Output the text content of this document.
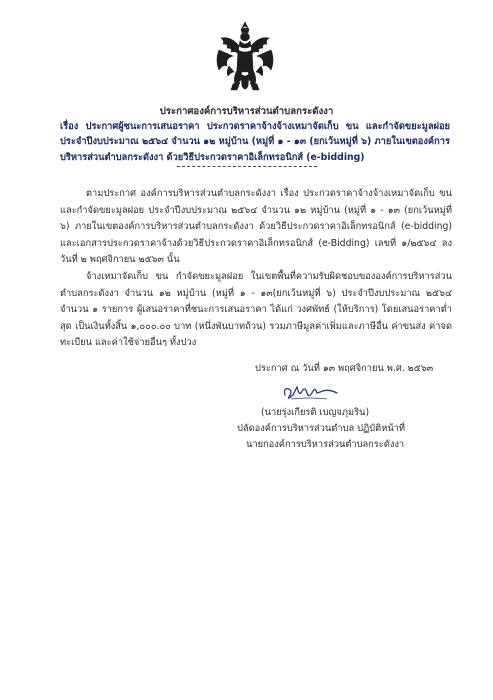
ประกาศองค์การบริหารส่วนตำบลกระดังงา
เรื่อง ประกาศผู้ชนะการเสนอราคา ประกวดราคาจ้างจ้างเหมาจัดเก็บ ขน และกำจัดขยะมูลฝอย ประจำปีงบประมาณ ๒๕๖๔ จำนวน ๑๒ หมู่บ้าน (หมู่ที่ ๑ - ๑๓ (ยกเว้นหมู่ที่ ๖) ภายในเขตองค์การบริหารส่วนตำบลกระดังงา ด้วยวิธีประกวดราคาอิเล็กทรอนิกส์ (e-bidding)

ตามประกาศ องค์การบริหารส่วนตำบลกระดังงา เรื่อง ประกวดราคาจ้างจ้างเหมาจัดเก็บ ขน และกำจัดขยะมูลฝอย ประจำปีงบประมาณ ๒๕๖๔ จำนวน ๑๒ หมู่บ้าน (หมู่ที่ ๑ - ๑๓ (ยกเว้นหมู่ที่ ๖) ภายในเขตองค์การบริหารส่วนตำบลกระดังงา ด้วยวิธีประกวดราคาอิเล็กทรอนิกส์ (e-bidding) และเอกสารประกวดราคาจ้างด้วยวิธีประกวดราคาอิเล็กทรอนิกส์ (e-Bidding) เลขที่ ๑/๒๕๖๔ ลงวันที่ ๒ พฤศจิกายน ๒๕๖๓ นั้น

จ้างเหมาจัดเก็บ ขน กำจัดขยะมูลฝอย ในเขตพื้นที่ความรับผิดชอบขององค์การบริหารส่วนตำบลกระดังงา จำนวน ๑๒ หมู่บ้าน (หมู่ที่ ๑ - ๑๓(ยกเว้นหมู่ที่ ๖) ประจำปีงบประมาณ ๒๕๖๔ จำนวน ๑ รายการ ผู้เสนอราคาที่ชนะการเสนอราคา ได้แก่ วงศพัทธ์ (ให้บริการ) โดยเสนอราคาต่ำสุด เป็นเงินทั้งสิ้น ๑,๐๐๐.๐๐ บาท (หนึ่งพันบาทถ้วน) รวมภาษีมูลค่าเพิ่มและภาษีอื่น ค่าขนส่ง ค่าจดทะเบียน และค่าใช้จ่ายอื่นๆ ทั้งปวง

ประกาศ ณ วันที่ ๑๓ พฤศจิกายน พ.ศ. ๒๕๖๓
(นายรุ่งเกียรติ เบญจภุมริน)
ปลัดองค์การบริหารส่วนตำบล ปฏิบัติหน้าที่
นายกองค์การบริหารส่วนตำบลกระดังงา
